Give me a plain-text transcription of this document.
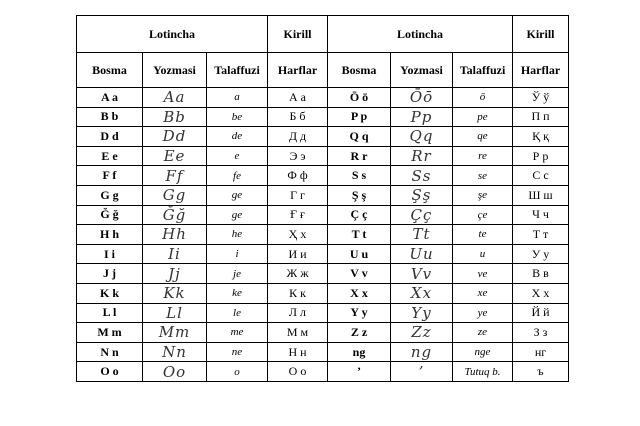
Lotincha			Kirill	Lotincha			Kirill
Bosma	Yozmasi	Talaffuzi	Harflar	Bosma	Yozmasi	Talaffuzi	Harflar
A a	Aa	a	А а	Ō ō	Ōō	ō	Ў ў
B b	Bb	be	Б б	P p	Pp	pe	П п
D d	Dd	de	Д д	Q q	Qq	qe	Қ қ
E e	Ee	e	Э э	R r	Rr	re	Р р
F f	Ff	fe	Ф ф	S s	Ss	se	С с
G g	Gg	ge	Г г	Ş ş	Şş	şe	Ш ш
Ğ ğ	Ğğ	ge	Ғ ғ	Ç ç	Çç	çe	Ч ч
H h	Hh	he	Ҳ х	T t	Tt	te	Т т
I i	Ii	i	И и	U u	Uu	u	У у
J j	Jj	je	Ж ж	V v	Vv	ve	В в
K k	Kk	ke	К к	X x	Xx	xe	Х х
L l	Ll	le	Л л	Y y	Yy	ye	Й й
M m	Mm	me	М м	Z z	Zz	ze	З з
N n	Nn	ne	Н н	ng	ng	nge	нг
O o	Oo	o	О о	’	’	Tutuq b.	ъ
